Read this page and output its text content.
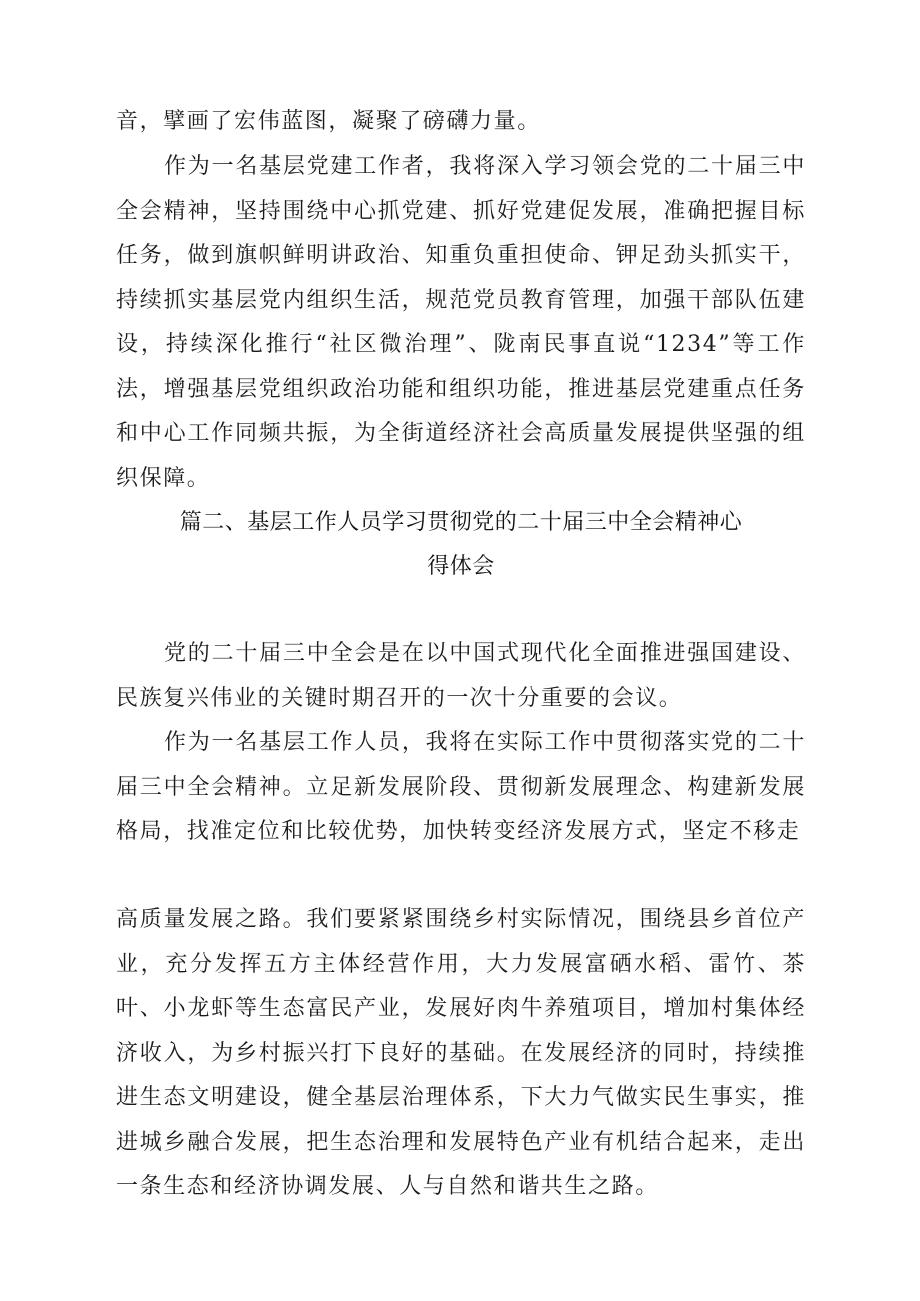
音，擘画了宏伟蓝图，凝聚了磅礴力量。

作为一名基层党建工作者，我将深入学习领会党的二十届三中全会精神，坚持围绕中心抓党建、抓好党建促发展，准确把握目标任务，做到旗帜鲜明讲政治、知重负重担使命、钾足劲头抓实干，持续抓实基层党内组织生活，规范党员教育管理，加强干部队伍建设，持续深化推行“社区微治理”、陇南民事直说“1234”等工作法，增强基层党组织政治功能和组织功能，推进基层党建重点任务和中心工作同频共振，为全街道经济社会高质量发展提供坚强的组织保障。

篇二、基层工作人员学习贯彻党的二十届三中全会精神心

得体会

党的二十届三中全会是在以中国式现代化全面推进强国建设、民族复兴伟业的关键时期召开的一次十分重要的会议。

作为一名基层工作人员，我将在实际工作中贯彻落实党的二十届三中全会精神。立足新发展阶段、贯彻新发展理念、构建新发展格局，找准定位和比较优势，加快转变经济发展方式，坚定不移走

高质量发展之路。我们要紧紧围绕乡村实际情况，围绕县乡首位产业，充分发挥五方主体经营作用，大力发展富硒水稻、雷竹、茶叶、小龙虾等生态富民产业，发展好肉牛养殖项目，增加村集体经济收入，为乡村振兴打下良好的基础。在发展经济的同时，持续推进生态文明建设，健全基层治理体系，下大力气做实民生事实，推进城乡融合发展，把生态治理和发展特色产业有机结合起来，走出一条生态和经济协调发展、人与自然和谐共生之路。
